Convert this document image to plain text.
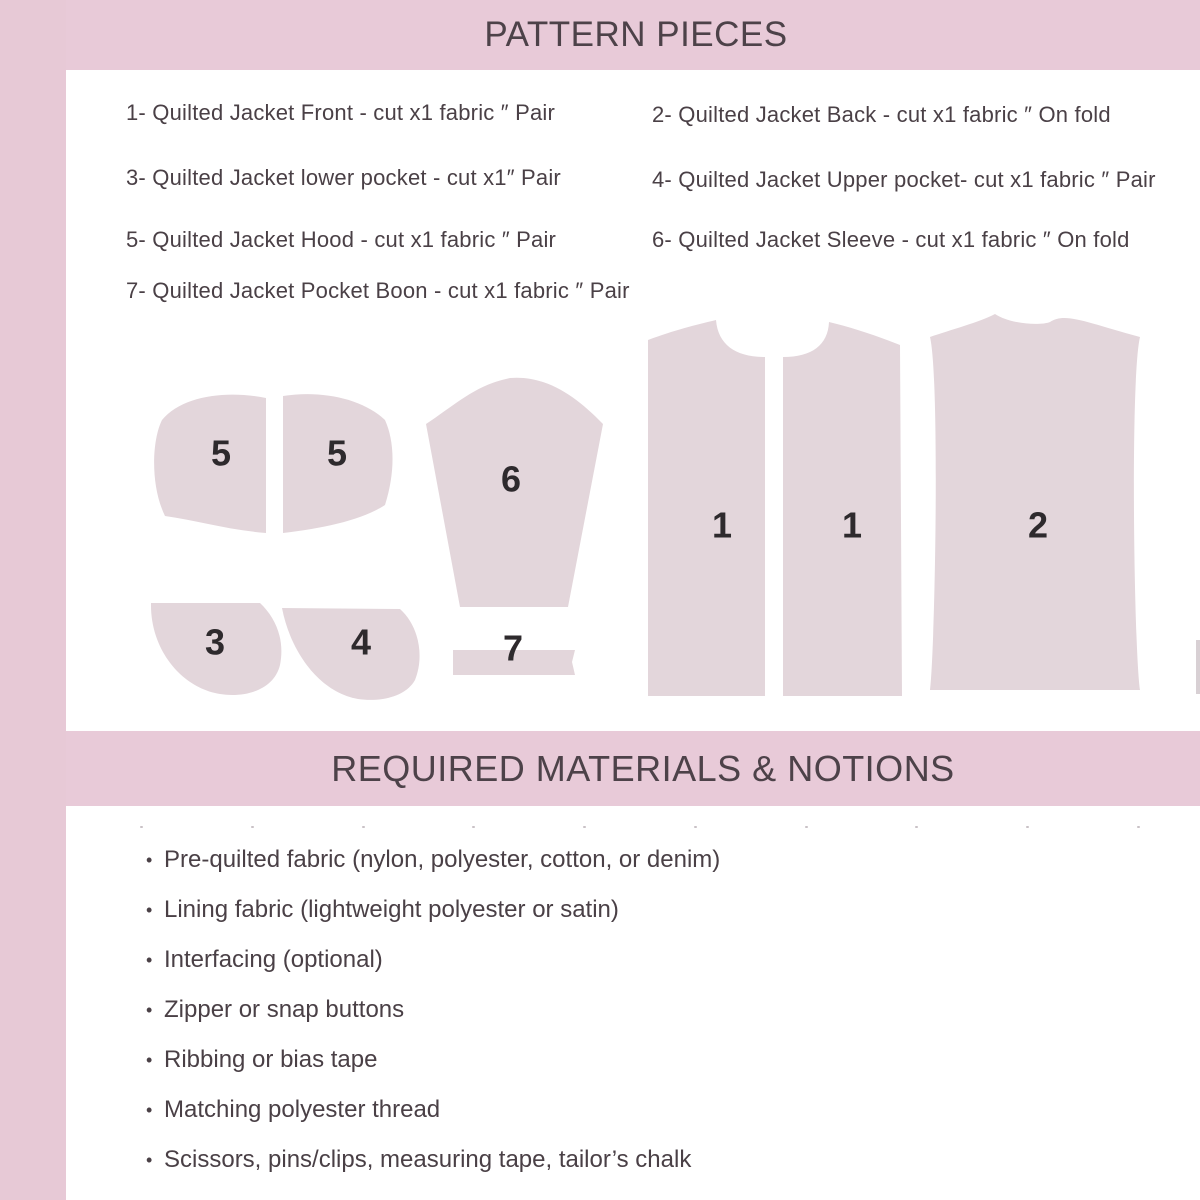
PATTERN PIECES
1- Quilted Jacket Front - cut x1 fabric ″ Pair	2- Quilted Jacket Back - cut x1 fabric ″ On fold
3- Quilted Jacket lower pocket - cut x1″ Pair	4- Quilted Jacket Upper pocket- cut x1 fabric ″ Pair
5- Quilted Jacket Hood - cut x1 fabric ″ Pair	6- Quilted Jacket Sleeve - cut x1 fabric ″ On fold
7- Quilted Jacket Pocket Boon - cut x1 fabric ″ Pair
5	5
6
3	4	7
1	1	2
REQUIRED MATERIALS & NOTIONS
• Pre-quilted fabric (nylon, polyester, cotton, or denim)
• Lining fabric (lightweight polyester or satin)
• Interfacing (optional)
• Zipper or snap buttons
• Ribbing or bias tape
• Matching polyester thread
• Scissors, pins/clips, measuring tape, tailor’s chalk
